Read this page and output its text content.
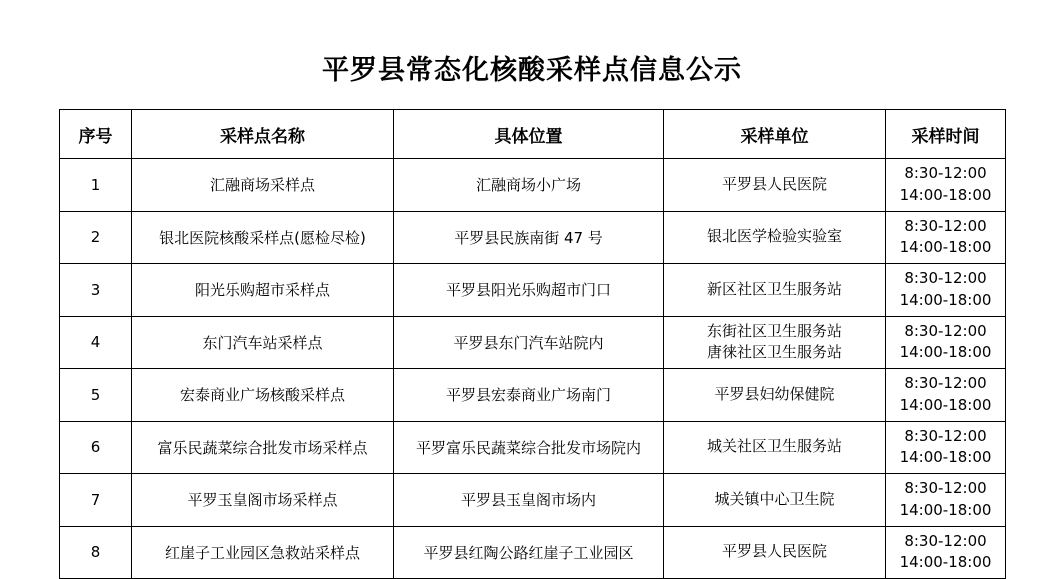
平罗县常态化核酸采样点信息公示
序号	采样点名称	具体位置	采样单位	采样时间
1	汇融商场采样点	汇融商场小广场	平罗县人民医院	8:30-12:00
14:00-18:00

2	银北医院核酸采样点(愿检尽检)	平罗县民族南街 47 号	银北医学检验实验室	8:30-12:00
14:00-18:00

3	阳光乐购超市采样点	平罗县阳光乐购超市门口	新区社区卫生服务站	8:30-12:00
14:00-18:00

4	东门汽车站采样点	平罗县东门汽车站院内	东街社区卫生服务站
唐徕社区卫生服务站	8:30-12:00
14:00-18:00

5	宏泰商业广场核酸采样点	平罗县宏泰商业广场南门	平罗县妇幼保健院	8:30-12:00
14:00-18:00

6	富乐民蔬菜综合批发市场采样点	平罗富乐民蔬菜综合批发市场院内	城关社区卫生服务站	8:30-12:00
14:00-18:00

7	平罗玉皇阁市场采样点	平罗县玉皇阁市场内	城关镇中心卫生院	8:30-12:00
14:00-18:00

8	红崖子工业园区急救站采样点	平罗县红陶公路红崖子工业园区	平罗县人民医院	8:30-12:00
14:00-18:00
